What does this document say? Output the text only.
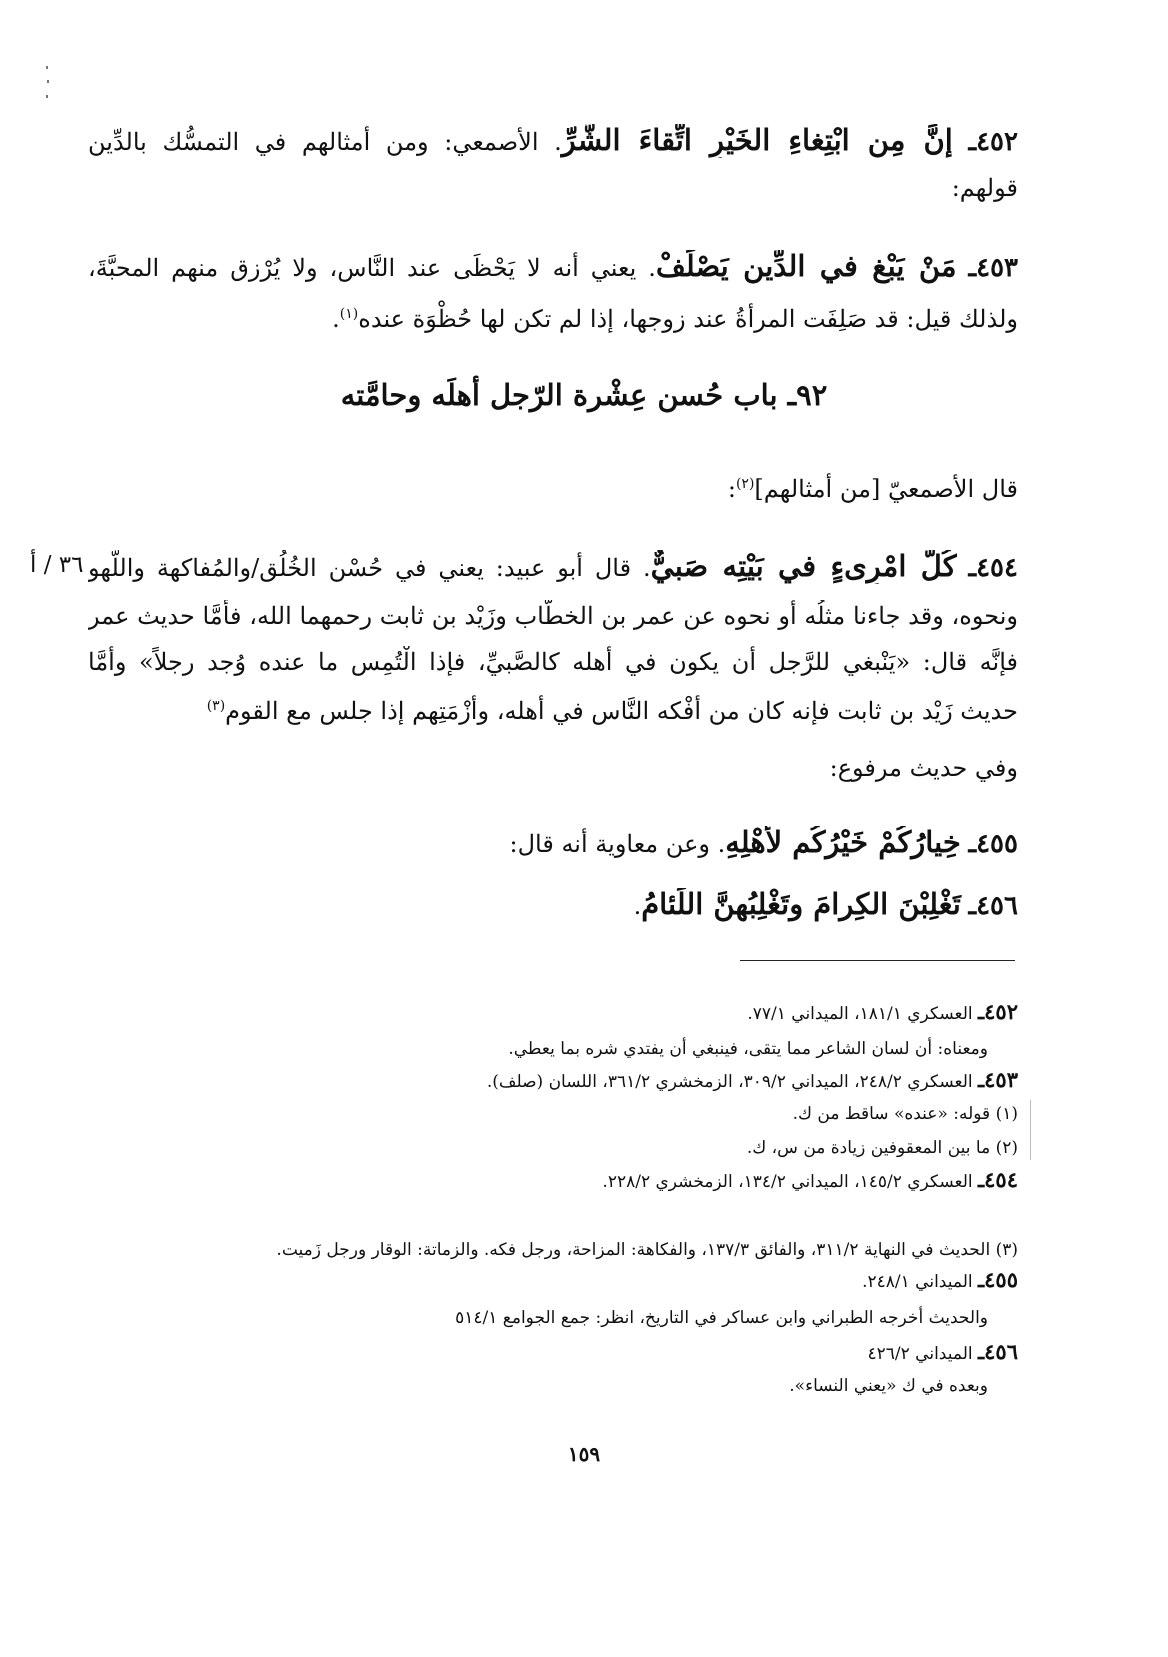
٤٥٢ـ إنَّ مِن ابْتِغاءِ الخَيْرِ اتِّقاءَ الشَّرِّ. الأصمعي: ومن أمثالهم في التمسُّك بالدِّين

قولهم:

٤٥٣ـ مَنْ يَبْغِ في الدِّين يَصْلَفْ. يعني أنه لا يَحْظَى عند النَّاس، ولا يُرْزق منهم المحبَّةَ،

ولذلك قيل: قد صَلِفَت المرأةُ عند زوجها، إذا لم تكن لها حُظْوَة عنده$^{(١)}$.

٩٢ـ باب حُسن عِشْرة الرّجل أهلَه وحامَّته

قال الأصمعيّ [من أمثالهم]$^{(٢)}$:

٣٦ / أ	٤٥٤ـ كُلُّ امْرِىءٍ في بَيْتِه صَبيٌّ. قال أبو عبيد: يعني في حُسْن الخُلُق/والمُفاكهة واللَّهو

ونحوه، وقد جاءنا مثلُه أو نحوه عن عمر بن الخطَّاب وزَيْد بن ثابت رحمهما الله، فأمَّا حديث عمر

فإنَّه قال: «يَنْبغي للرَّجل أن يكون في أهله كالصَّبيِّ، فإذا الْتُمِس ما عنده وُجد رجلاً» وأمَّا

حديث زَيْد بن ثابت فإنه كان من أفْكه النَّاس في أهله، وأزْمَتِهم إذا جلس مع القوم$^{(٣)}$

وفي حديث مرفوع:

٤٥٥ـ خِيارُكُمْ خَيْرُكُم لأَهْلِهِ. وعن معاوية أنه قال:

٤٥٦ـ تَغْلِبْنَ الكِرامَ وتَغْلِبُهنَّ اللِّئامُ.

٤٥٢ـ العسكري ١٨١/١، الميداني ٧٧/١.

ومعناه: أن لسان الشاعر مما يتقى، فينبغي أن يفتدي شره بما يعطي.

٤٥٣ـ العسكري ٢٤٨/٢، الميداني ٣٠٩/٢، الزمخشري ٣٦١/٢، اللسان (صلف).

(١) قوله: «عنده» ساقط من ك.

(٢) ما بين المعقوفين زيادة من س، ك.

٤٥٤ـ العسكري ١٤٥/٢، الميداني ١٣٤/٢، الزمخشري ٢٢٨/٢.

(٣) الحديث في النهاية ٣١١/٢، والفائق ١٣٧/٣، والفكاهة: المزاحة، ورجل فكه. والزماتة: الوقار ورجل زَميت.

٤٥٥ـ الميداني ٢٤٨/١.

والحديث أخرجه الطبراني وابن عساكر في التاريخ، انظر: جمع الجوامع ٥١٤/١

٤٥٦ـ الميداني ٤٢٦/٢

وبعده في ك «يعني النساء».

١٥٩
